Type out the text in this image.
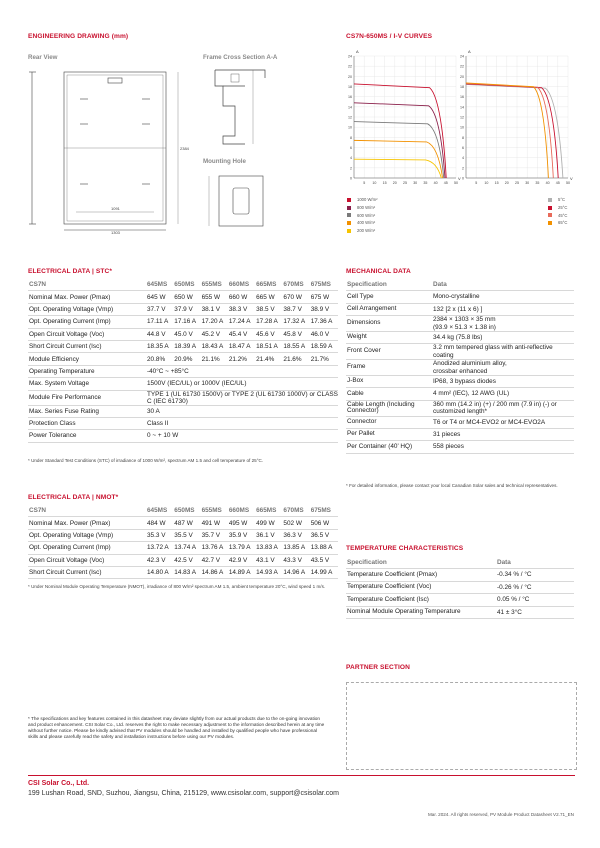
ENGINEERING DRAWING (mm)
Rear View	Frame Cross Section A-A
Mounting Hole
1303
1091
2384
CS7N-650MS / I-V CURVES
A
24
22
20
18
16
14
12
10
8
6
4
2
0
5 10 15 20 25 30 35 40 45 50
V
A
24
22
20
18
16
14
12
10
8
6
4
2
0
5 10 15 20 25 30 35 40 45 50
V
1000 W/m²
800 W/m²
600 W/m²
400 W/m²
200 W/m²
5°C
25°C
45°C
65°C
ELECTRICAL DATA | STC*
CS7N	645MS	650MS	655MS	660MS	665MS	670MS	675MS
Nominal Max. Power (Pmax)	645 W	650 W	655 W	660 W	665 W	670 W	675 W
Opt. Operating Voltage (Vmp)	37.7 V	37.9 V	38.1 V	38.3 V	38.5 V	38.7 V	38.9 V
Opt. Operating Current (Imp)	17.11 A	17.16 A	17.20 A	17.24 A	17.28 A	17.32 A	17.36 A
Open Circuit Voltage (Voc)	44.8 V	45.0 V	45.2 V	45.4 V	45.6 V	45.8 V	46.0 V
Short Circuit Current (Isc)	18.35 A	18.39 A	18.43 A	18.47 A	18.51 A	18.55 A	18.59 A
Module Efficiency	20.8%	20.9%	21.1%	21.2%	21.4%	21.6%	21.7%
Operating Temperature	-40°C ~ +85°C						
Max. System Voltage	1500V (IEC/UL) or 1000V (IEC/UL)						
Module Fire Performance	TYPE 1 (UL 61730 1500V) or TYPE 2 (UL 61730 1000V) or CLASS C (IEC 61730)						
Max. Series Fuse Rating	30 A						
Protection Class	Class II						
Power Tolerance	0 ~ + 10 W						
* Under Standard Test Conditions (STC) of irradiance of 1000 W/m², spectrum AM 1.5 and cell temperature of 25°C.
ELECTRICAL DATA | NMOT*
CS7N	645MS	650MS	655MS	660MS	665MS	670MS	675MS
Nominal Max. Power (Pmax)	484 W	487 W	491 W	495 W	499 W	502 W	506 W
Opt. Operating Voltage (Vmp)	35.3 V	35.5 V	35.7 V	35.9 V	36.1 V	36.3 V	36.5 V
Opt. Operating Current (Imp)	13.72 A	13.74 A	13.76 A	13.79 A	13.83 A	13.85 A	13.88 A
Open Circuit Voltage (Voc)	42.3 V	42.5 V	42.7 V	42.9 V	43.1 V	43.3 V	43.5 V
Short Circuit Current (Isc)	14.80 A	14.83 A	14.86 A	14.89 A	14.93 A	14.96 A	14.99 A
* Under Nominal Module Operating Temperature (NMOT), irradiance of 800 W/m² spectrum AM 1.5, ambient temperature 20°C, wind speed 1 m/s.
MECHANICAL DATA
Specification	Data
Cell Type	Mono-crystalline
Cell Arrangement	132 [2 x (11 x 6) ]
Dimensions	2384 × 1303 × 35 mm
(93.9 × 51.3 × 1.38 in)
Weight	34.4 kg (75.8 lbs)
Front Cover	3.2 mm tempered glass with anti-reflective coating
Frame	Anodized aluminium alloy,
crossbar enhanced
J-Box	IP68, 3 bypass diodes
Cable	4 mm² (IEC), 12 AWG (UL)
Cable Length (Including Connector)	360 mm (14.2 in) (+) / 200 mm (7.9 in) (-) or customized length*
Connector	T6 or T4 or MC4-EVO2 or MC4-EVO2A
Per Pallet	31 pieces
Per Container (40' HQ)	558 pieces
* For detailed information, please contact your local Canadian Solar sales and technical representatives.
TEMPERATURE CHARACTERISTICS
Specification	Data
Temperature Coefficient (Pmax)	-0.34 % / °C
Temperature Coefficient (Voc)	-0.26 % / °C
Temperature Coefficient (Isc)	0.05 % / °C
Nominal Module Operating Temperature	41 ± 3°C
PARTNER SECTION
* The specifications and key features contained in this datasheet may deviate slightly from our actual products due to the on-going innovation and product enhancement. CSI Solar Co., Ltd. reserves the right to make necessary adjustment to the information described herein at any time without further notice. Please be kindly advised that PV modules should be handled and installed by qualified people who have professional skills and please carefully read the safety and installation instructions before using our PV modules.
CSI Solar Co., Ltd.
199 Lushan Road, SND, Suzhou, Jiangsu, China, 215129, www.csisolar.com, support@csisolar.com
Mar. 2024. All rights reserved, PV Module Product Datasheet V2.71_EN
